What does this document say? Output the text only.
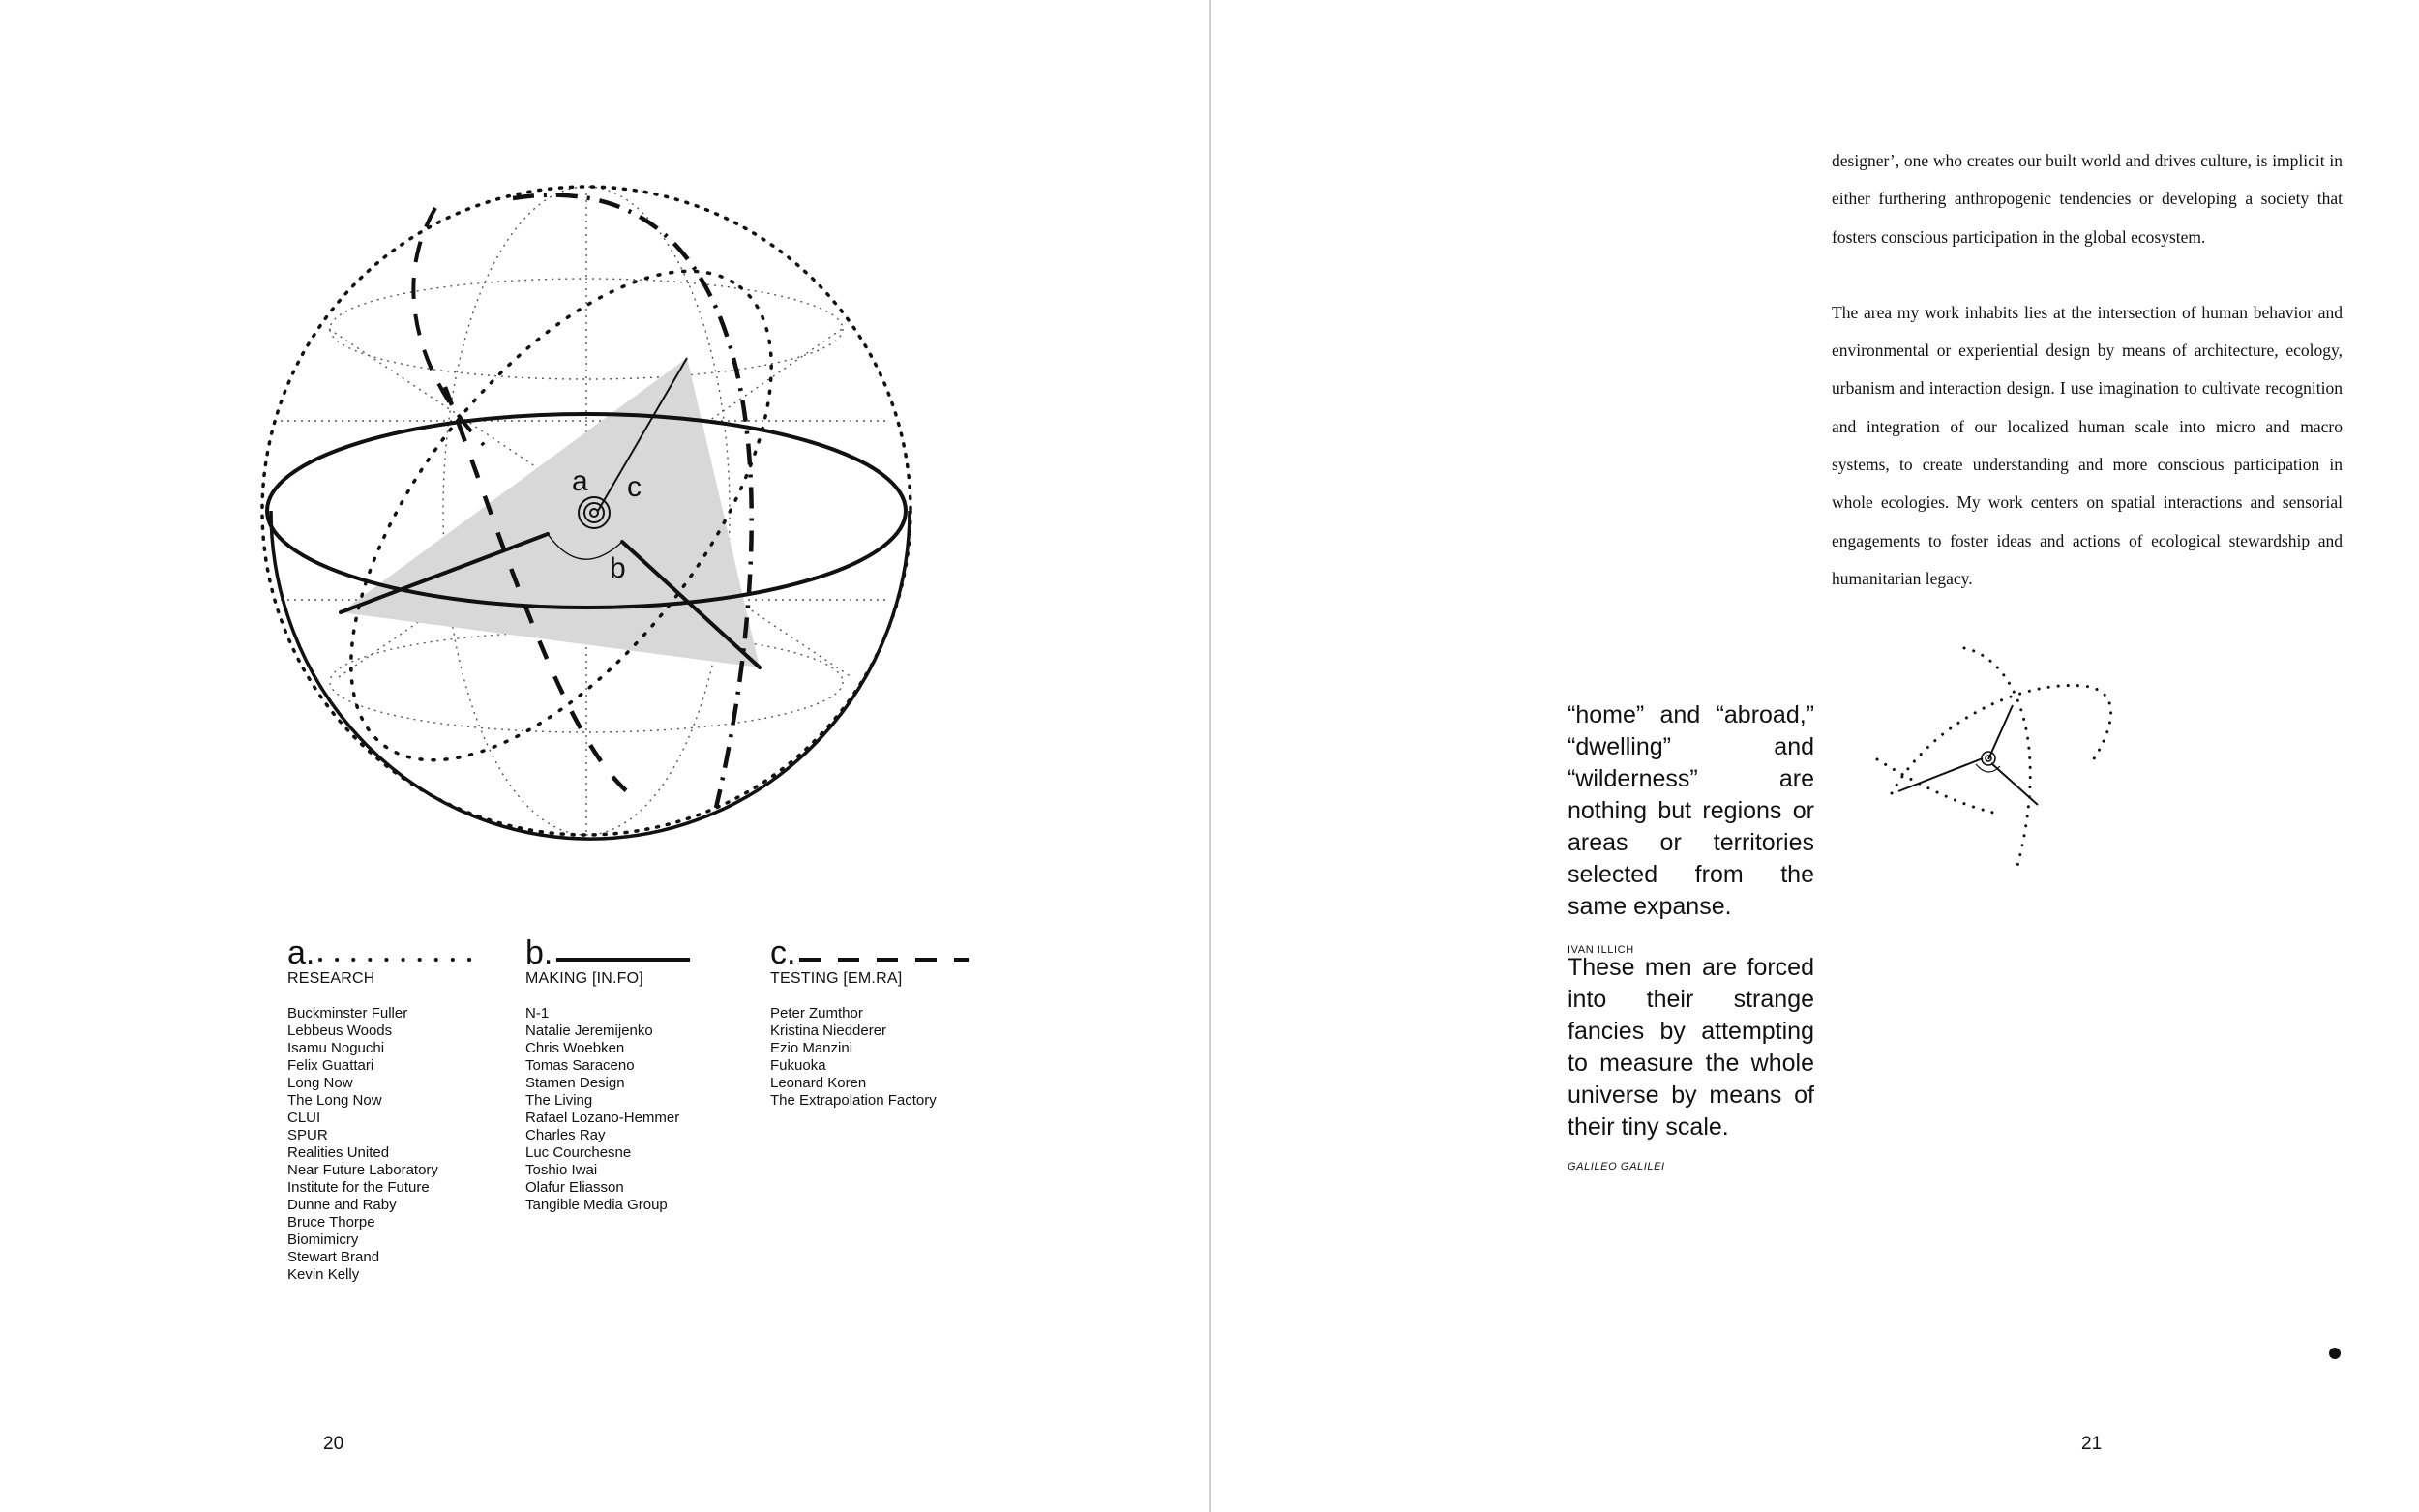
a
b
c
a.
RESEARCH
Buckminster Fuller
Lebbeus Woods
Isamu Noguchi
Felix Guattari
Long Now
The Long Now
CLUI
SPUR
Realities United
Near Future Laboratory
Institute for the Future
Dunne and Raby
Bruce Thorpe
Biomimicry
Stewart Brand
Kevin Kelly
b.
MAKING [IN.FO]
N-1
Natalie Jeremijenko
Chris Woebken
Tomas Saraceno
Stamen Design
The Living
Rafael Lozano-Hemmer
Charles Ray
Luc Courchesne
Toshio Iwai
Olafur Eliasson
Tangible Media Group
c.
TESTING [EM.RA]
Peter Zumthor
Kristina Niedderer
Ezio Manzini
Fukuoka
Leonard Koren
The Extrapolation Factory
20

designer’, one who creates our built world and drives culture, is implicit in either furthering anthropogenic tendencies or developing a society that fosters conscious participation in the global ecosystem.

The area my work inhabits lies at the intersection of human behavior and environmental or experiential design by means of architecture, ecology, urbanism and interaction design. I use imagination to cultivate recognition and integration of our localized human scale into micro and macro systems, to create understanding and more conscious participation in whole ecologies. My work centers on spatial interactions and sensorial engagements to foster ideas and actions of ecological stewardship and humanitarian legacy.

“home” and “abroad,” “dwelling” and “wilderness” are nothing but regions or areas or territories selected from the same expanse.
IVAN ILLICH
These men are forced into their strange fancies by attempting to measure the whole universe by means of their tiny scale.
GALILEO GALILEI
21
